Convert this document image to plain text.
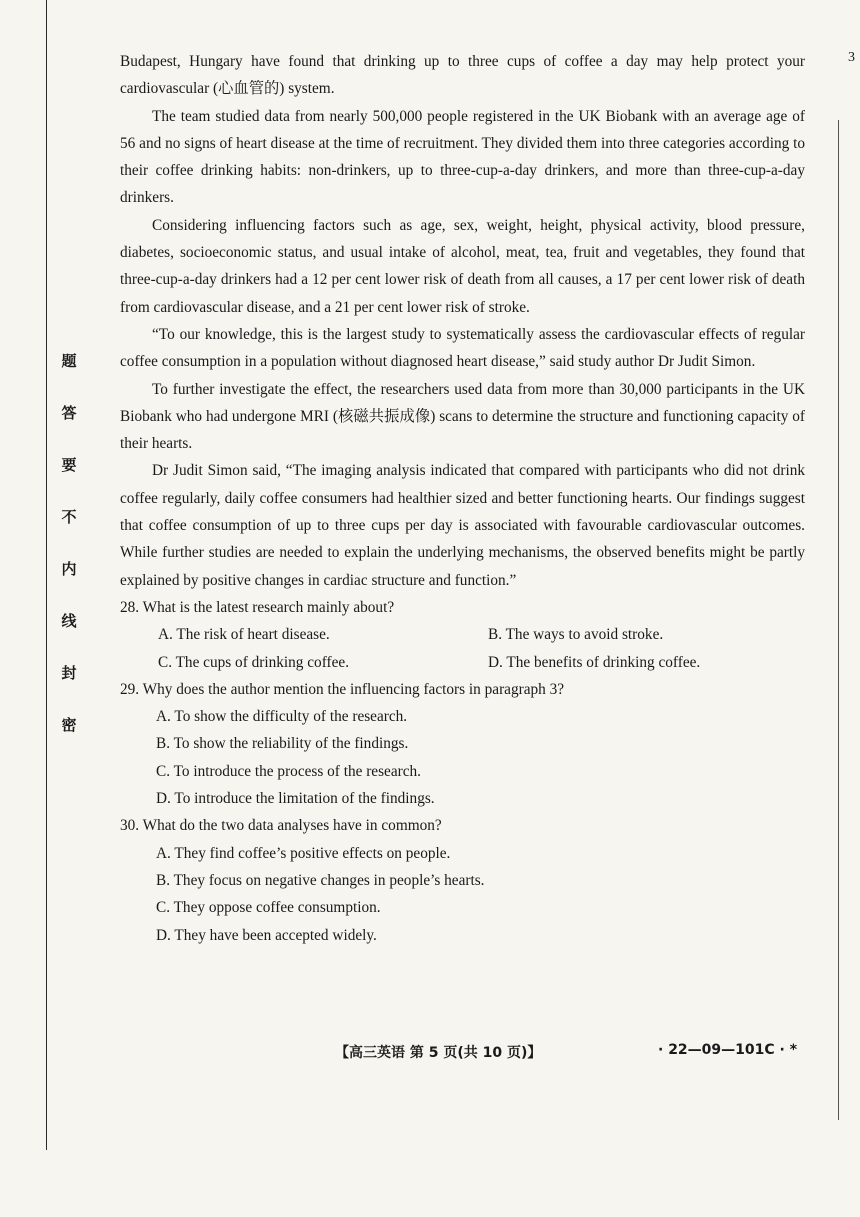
题
答
要
不
内
线
封
密
3

Budapest, Hungary have found that drinking up to three cups of coffee a day may help protect your cardiovascular (心血管的) system.

The team studied data from nearly 500,000 people registered in the UK Biobank with an average age of 56 and no signs of heart disease at the time of recruitment. They divided them into three categories according to their coffee drinking habits: non-drinkers, up to three-cup-a-day drinkers, and more than three-cup-a-day drinkers.

Considering influencing factors such as age, sex, weight, height, physical activity, blood pressure, diabetes, socioeconomic status, and usual intake of alcohol, meat, tea, fruit and vegetables, they found that three-cup-a-day drinkers had a 12 per cent lower risk of death from all causes, a 17 per cent lower risk of death from cardiovascular disease, and a 21 per cent lower risk of stroke.

“To our knowledge, this is the largest study to systematically assess the cardiovascular effects of regular coffee consumption in a population without diagnosed heart disease,” said study author Dr Judit Simon.

To further investigate the effect, the researchers used data from more than 30,000 participants in the UK Biobank who had undergone MRI (核磁共振成像) scans to determine the structure and functioning capacity of their hearts.

Dr Judit Simon said, “The imaging analysis indicated that compared with participants who did not drink coffee regularly, daily coffee consumers had healthier sized and better functioning hearts. Our findings suggest that coffee consumption of up to three cups per day is associated with favourable cardiovascular outcomes. While further studies are needed to explain the underlying mechanisms, the observed benefits might be partly explained by positive changes in cardiac structure and function.”

28. What is the latest research mainly about?

A. The risk of heart disease.	B. The ways to avoid stroke.
C. The cups of drinking coffee.	D. The benefits of drinking coffee.

29. Why does the author mention the influencing factors in paragraph 3?

A. To show the difficulty of the research.
B. To show the reliability of the findings.
C. To introduce the process of the research.
D. To introduce the limitation of the findings.

30. What do the two data analyses have in common?

A. They find coffee’s positive effects on people.
B. They focus on negative changes in people’s hearts.
C. They oppose coffee consumption.
D. They have been accepted widely.
【高三英语 第 5 页(共 10 页)】	· 22—09—101C · *
